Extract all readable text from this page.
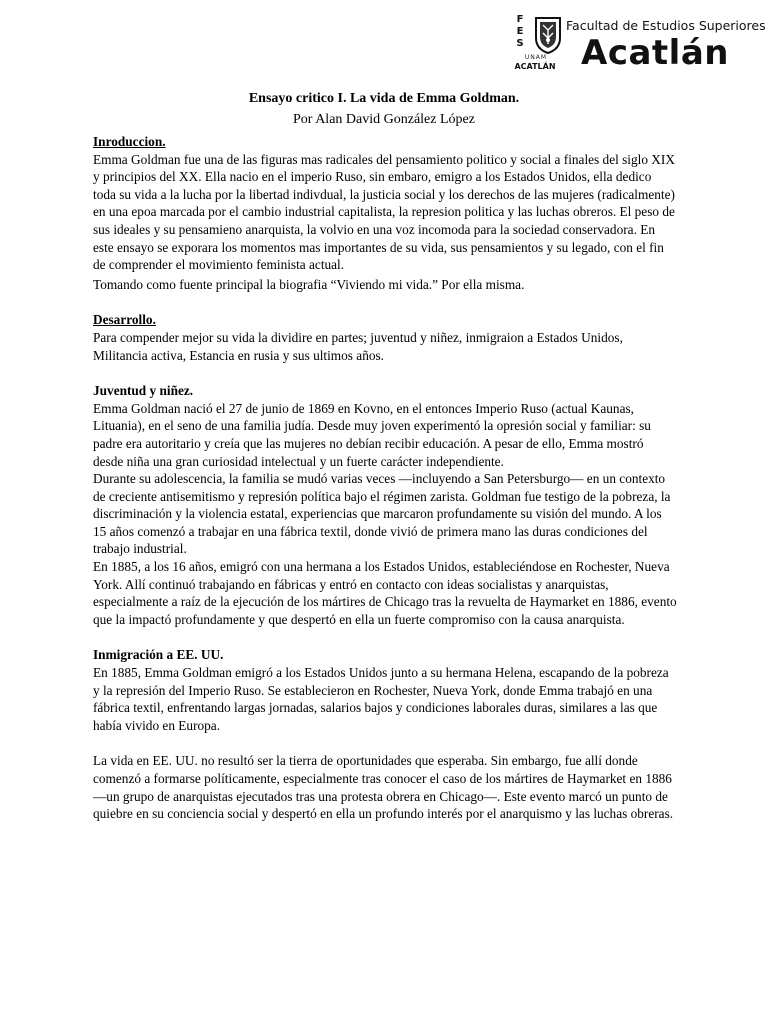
F
E
S
UNAM
ACATLÁN
Facultad de Estudios Superiores
Acatlán
Ensayo critico I. La vida de Emma Goldman.
Por Alan David González López
Inroduccion.

Emma Goldman fue una de las figuras mas radicales del pensamiento politico y social a finales del siglo XIX y principios del XX. Ella nacio en el imperio Ruso, sin embaro, emigro a los Estados Unidos, ella dedico toda su vida a la lucha por la libertad indivdual, la justicia social y los derechos de las mujeres (radicalmente) en una epoa marcada por el cambio industrial capitalista, la represion politica y las luchas obreros. El peso de sus ideales y su pensamieno anarquista, la volvio en una voz incomoda para la sociedad conservadora. En este ensayo se exporara los momentos mas importantes de su vida, sus pensamientos y su legado, con el fin de comprender el movimiento feminista actual.

Tomando como fuente principal la biografia “Viviendo mi vida.” Por ella misma.

Desarrollo.

Para compender mejor su vida la dividire en partes; juventud y niñez, inmigraion a Estados Unidos, Militancia activa, Estancia en rusia y sus ultimos años.

Juventud y niñez.

Emma Goldman nació el 27 de junio de 1869 en Kovno, en el entonces Imperio Ruso (actual Kaunas, Lituania), en el seno de una familia judía. Desde muy joven experimentó la opresión social y familiar: su padre era autoritario y creía que las mujeres no debían recibir educación. A pesar de ello, Emma mostró desde niña una gran curiosidad intelectual y un fuerte carácter independiente.

Durante su adolescencia, la familia se mudó varias veces —incluyendo a San Petersburgo— en un contexto de creciente antisemitismo y represión política bajo el régimen zarista. Goldman fue testigo de la pobreza, la discriminación y la violencia estatal, experiencias que marcaron profundamente su visión del mundo. A los 15 años comenzó a trabajar en una fábrica textil, donde vivió de primera mano las duras condiciones del trabajo industrial.

En 1885, a los 16 años, emigró con una hermana a los Estados Unidos, estableciéndose en Rochester, Nueva York. Allí continuó trabajando en fábricas y entró en contacto con ideas socialistas y anarquistas, especialmente a raíz de la ejecución de los mártires de Chicago tras la revuelta de Haymarket en 1886, evento que la impactó profundamente y que despertó en ella un fuerte compromiso con la causa anarquista.

Inmigración a EE. UU.

En 1885, Emma Goldman emigró a los Estados Unidos junto a su hermana Helena, escapando de la pobreza y la represión del Imperio Ruso. Se establecieron en Rochester, Nueva York, donde Emma trabajó en una fábrica textil, enfrentando largas jornadas, salarios bajos y condiciones laborales duras, similares a las que había vivido en Europa.

La vida en EE. UU. no resultó ser la tierra de oportunidades que esperaba. Sin embargo, fue allí donde comenzó a formarse políticamente, especialmente tras conocer el caso de los mártires de Haymarket en 1886 —un grupo de anarquistas ejecutados tras una protesta obrera en Chicago—. Este evento marcó un punto de quiebre en su conciencia social y despertó en ella un profundo interés por el anarquismo y las luchas obreras.
